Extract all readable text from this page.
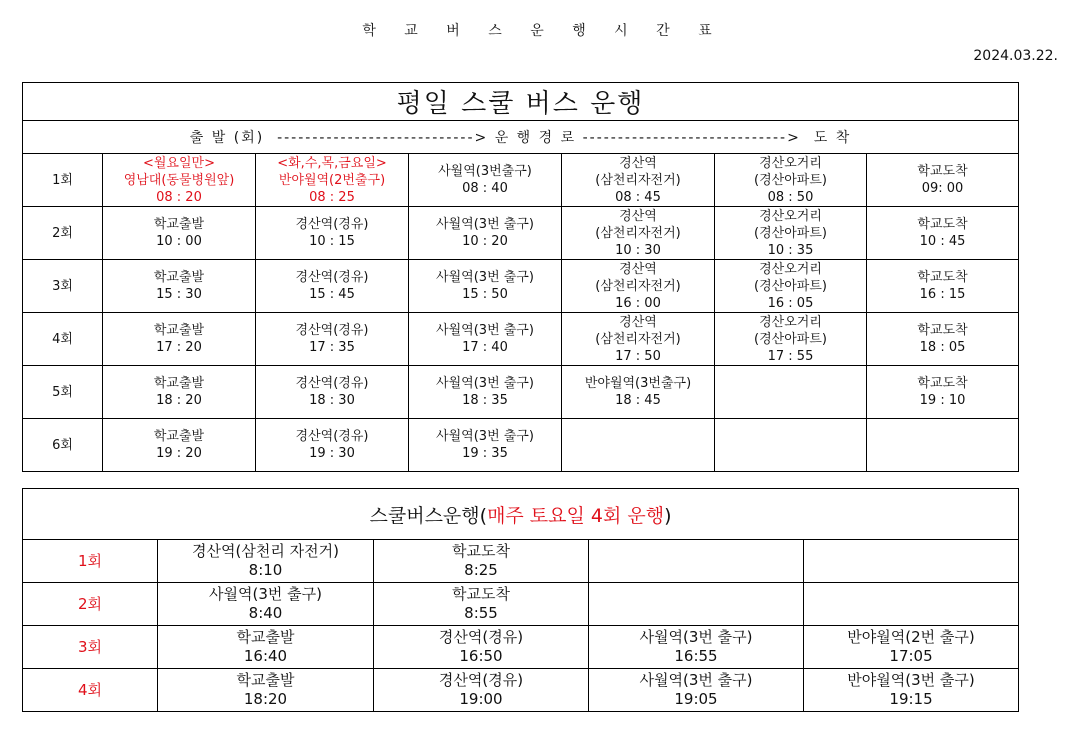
학 교 버 스 운 행 시 간 표
2024.03.22.
평일 스쿨 버스 운행						
출 발 (회)  ----------------------------> 운 행 경 로 ----------------------------->  도 착						
1회	<월요일만>
영남대(동물병원앞)
08 : 20	<화,수,목,금요일>
반야월역(2번출구)
08 : 25	사월역(3번출구)
08 : 40	경산역
(삼천리자전거)
08 : 45	경산오거리
(경산아파트)
08 : 50	학교도착
09: 00

2회	학교출발
10 : 00	경산역(경유)
10 : 15	사월역(3번 출구)
10 : 20	경산역
(삼천리자전거)
10 : 30	경산오거리
(경산아파트)
10 : 35	학교도착
10 : 45

3회	학교출발
15 : 30	경산역(경유)
15 : 45	사월역(3번 출구)
15 : 50	경산역
(삼천리자전거)
16 : 00	경산오거리
(경산아파트)
16 : 05	학교도착
16 : 15

4회	학교출발
17 : 20	경산역(경유)
17 : 35	사월역(3번 출구)
17 : 40	경산역
(삼천리자전거)
17 : 50	경산오거리
(경산아파트)
17 : 55	학교도착
18 : 05

5회	학교출발
18 : 20	경산역(경유)
18 : 30	사월역(3번 출구)
18 : 35	반야월역(3번출구)
18 : 45		학교도착
19 : 10

6회	학교출발
19 : 20	경산역(경유)
19 : 30	사월역(3번 출구)
19 : 35			

스쿨버스운행(매주 토요일 4회 운행)				
1회	경산역(삼천리 자전거)
8:10	학교도착
8:25		

2회	사월역(3번 출구)
8:40	학교도착
8:55		

3회	학교출발
16:40	경산역(경유)
16:50	사월역(3번 출구)
16:55	반야월역(2번 출구)
17:05

4회	학교출발
18:20	경산역(경유)
19:00	사월역(3번 출구)
19:05	반야월역(3번 출구)
19:15
